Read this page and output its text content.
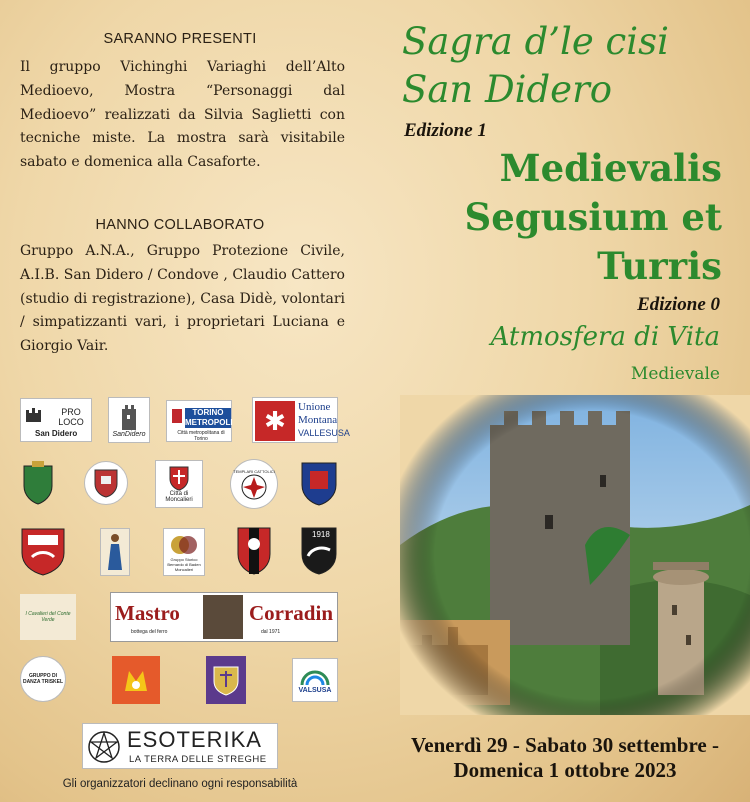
SARANNO PRESENTI
Il gruppo Vichinghi Variaghi dell’Alto Medioevo, Mostra “Personaggi dal Medioevo” realizzati da Silvia Saglietti con tecniche miste. La mostra sarà visitabile sabato e domenica alla Casaforte.
HANNO COLLABORATO
Gruppo A.N.A., Gruppo Protezione Civile, A.I.B. San Didero / Condove , Claudio Cattero (studio di registrazione), Casa Didè, volontari / simpatizzanti vari, i proprietari Luciana e Giorgio Vair.
PRO LOCO
San Didero	SanDidero
TORINO METROPOLI
Città metropolitana di Torino
✱	Unione
Montana
VALLESUSA
Città di Moncalieri
TEMPLARI CATTOLICI
Gruppo Storico Bernardo di Baden Moncalieri
1918
I Cavalieri del Conte Verde	Mastro
bottega del ferro
Corradin
dal 1971
GRUPPO DI DANZA TRISKEL
VALSUSA
ESOTERIKA
LA TERRA DELLE STREGHE
Gli organizzatori declinano ogni responsabilità
Sagra d’le cisi
San Didero
Edizione 1
Medievalis
Segusium et
Turris
Edizione 0
Atmosfera di Vita
Medievale
Venerdì 29 - Sabato 30 settembre -
Domenica 1 ottobre 2023
